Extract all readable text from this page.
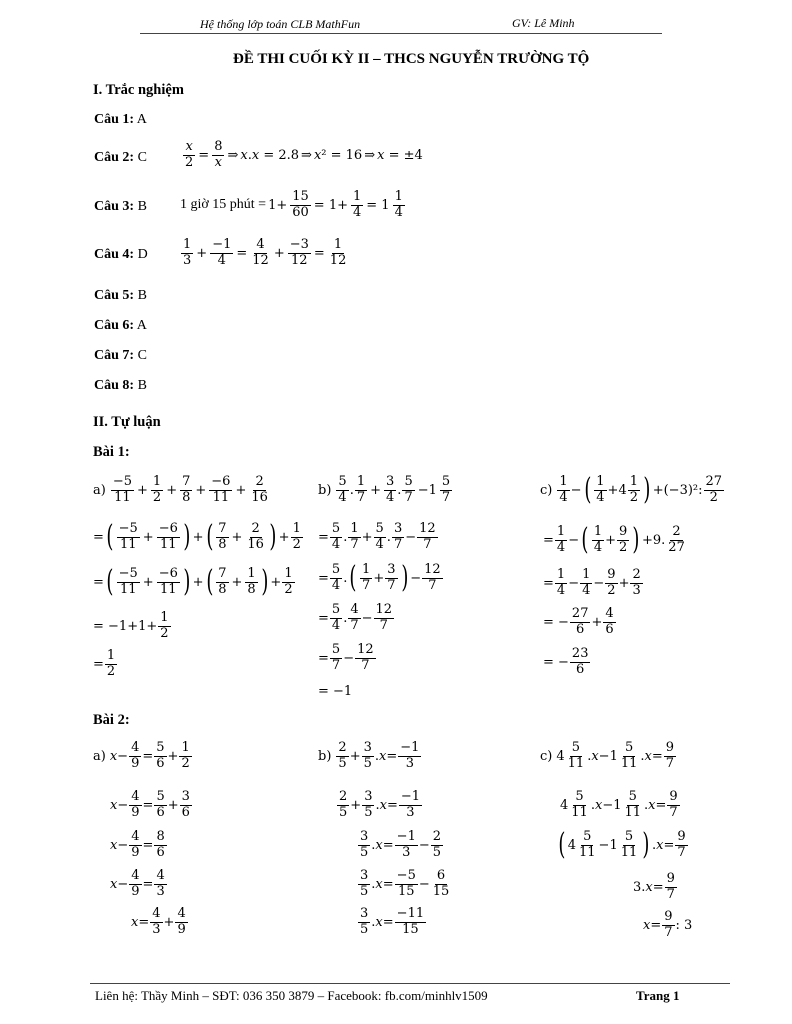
Hệ thống lớp toán CLB MathFun	GV: Lê Minh
ĐỀ THI CUỐI KỲ II – THCS NGUYỄN TRƯỜNG TỘ
I. Trắc nghiệm
Câu 1: A
Câu 2: C
Câu 3: B
Câu 4: D
Câu 5: B
Câu 6: A
Câu 7: C
Câu 8: B
$\frac{x}{2} = \frac{8}{x}$ ⇒ x.x = 2.8 ⇒ x² = 16 ⇒ x = ±4
1 giờ 15 phút = $1+ \frac{15}{60} = 1+ \frac{1}{4} = 1$
1
4
1
$3 + \frac{-1}{4} = \frac{4}{12} + \frac{-3}{12} = \frac{1}{12}$
II. Tự luận
Bài 1:
a)
−5
$11 + \frac{1}{2} + \frac{7}{8} + \frac{-6}{11} + \frac{2}{16}$
= ( −5
$11 + \frac{-6}{11}$ ) + ( 7
$8 + \frac{2}{16}$ ) +
1
2
= ( −5
$11 + \frac{-6}{11}$ ) + ( 7
$8 + \frac{1}{8}$ ) +
1
2
= −1+1+
1
2
=
1
2
b)
5
4 .
1
$7 + \frac{3}{4}$ .
5
7 −1
5
7
=
5
4 .
1
7 +
5
4 .
3
7 −
12
7
=
5
4 . ( 1
7 +
3
7 ) −
12
7
=
5
4 .
4
7 −
12
7
=
5
7 −
12
7
= −1
c)
1
4 − ( 1
4 +4
1
2 ) +(−3)²:
27
2
=
1
4 − ( 1
4 +
9
2 ) +9.
2
27
=
1
4 −
1
4 −
9
2 +
2
3
= −
27
6 +
4
6
= −
23
6
Bài 2:
a) x −
4
9 =
5
6 +
1
2
x −
4
9 =
5
6 +
3
6
x −
4
9 =
8
6
x −
4
9 =
4
3
x =
4
3 +
4
9
b)
2
5 +
3
5 . x =
−1
3
2
5 +
3
5 . x =
−1
3
3
5 . x =
−1
3 −
2
5
3
5 . x =
−5
15 −
6
15
3
5 . x =
−11
15
c) 4
5
11 . x −1
5
11 . x =
9
7
4
5
11 . x −1
5
11 . x =
9
7
( 4
5
11 −1
5
11 ) . x =
9
7
3. x =
9
7
x =
9
7 : 3
Liên hệ: Thầy Minh – SĐT: 036 350 3879 – Facebook: fb.com/minhlv1509	Trang 1
